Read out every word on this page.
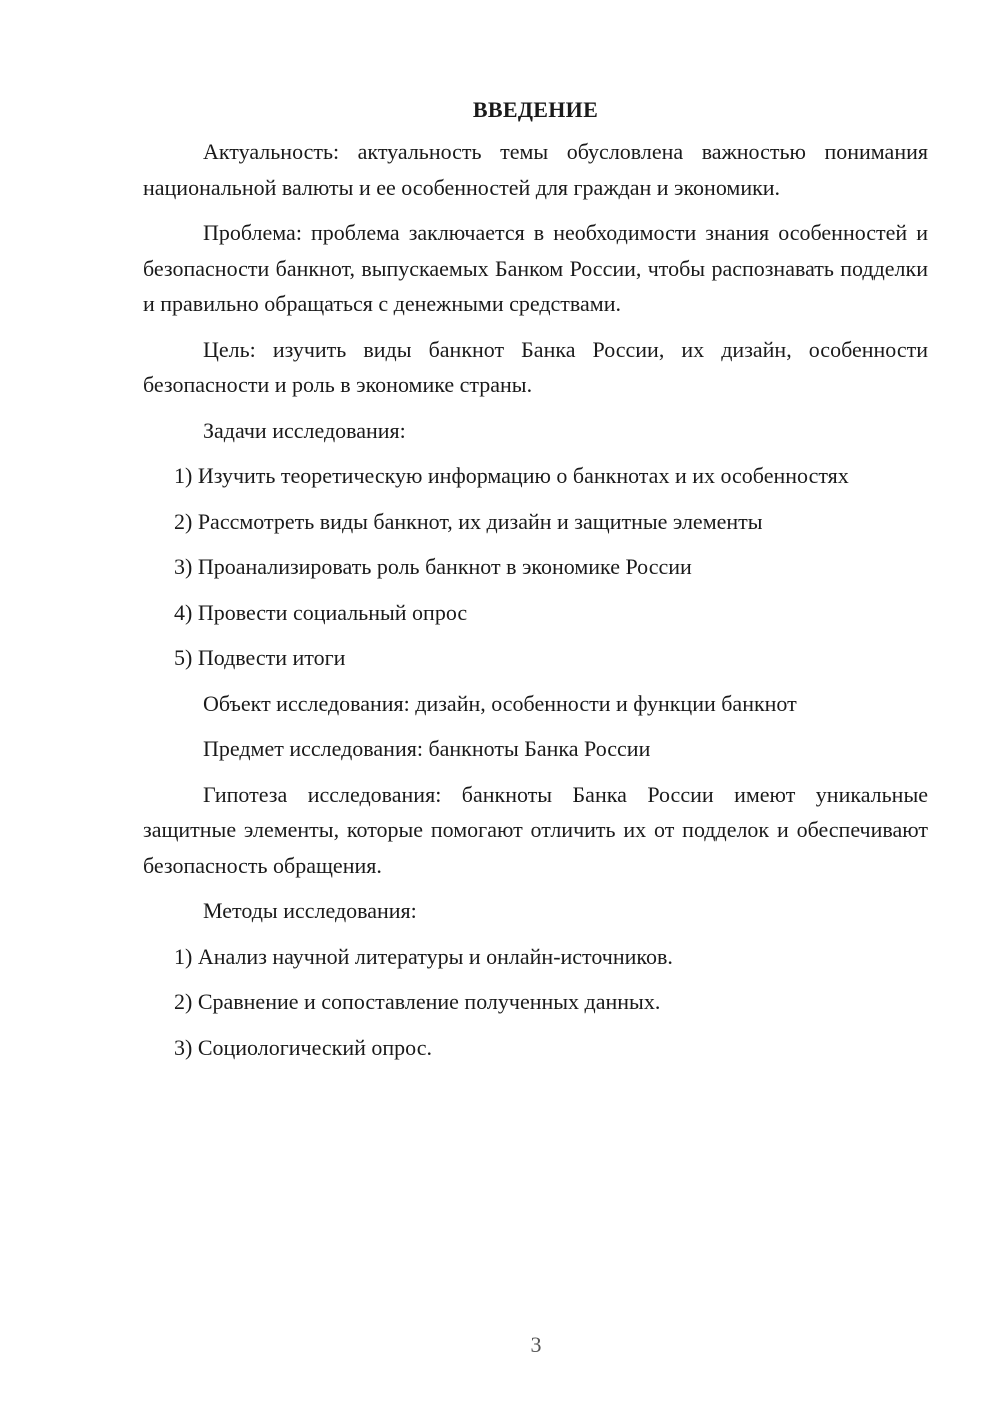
ВВЕДЕНИЕ

Актуальность: актуальность темы обусловлена важностью понимания национальной валюты и ее особенностей для граждан и экономики.

Проблема: проблема заключается в необходимости знания особенностей и безопасности банкнот, выпускаемых Банком России, чтобы распознавать подделки и правильно обращаться с денежными средствами.

Цель: изучить виды банкнот Банка России, их дизайн, особенности безопасности и роль в экономике страны.

Задачи исследования:

1) Изучить теоретическую информацию о банкнотах и их особенностях

2) Рассмотреть виды банкнот, их дизайн и защитные элементы

3) Проанализировать роль банкнот в экономике России

4) Провести социальный опрос

5) Подвести итоги

Объект исследования: дизайн, особенности и функции банкнот

Предмет исследования: банкноты Банка России

Гипотеза исследования: банкноты Банка России имеют уникальные защитные элементы, которые помогают отличить их от подделок и обеспечивают безопасность обращения.

Методы исследования:

1) Анализ научной литературы и онлайн-источников.

2) Сравнение и сопоставление полученных данных.

3) Социологический опрос.

3
